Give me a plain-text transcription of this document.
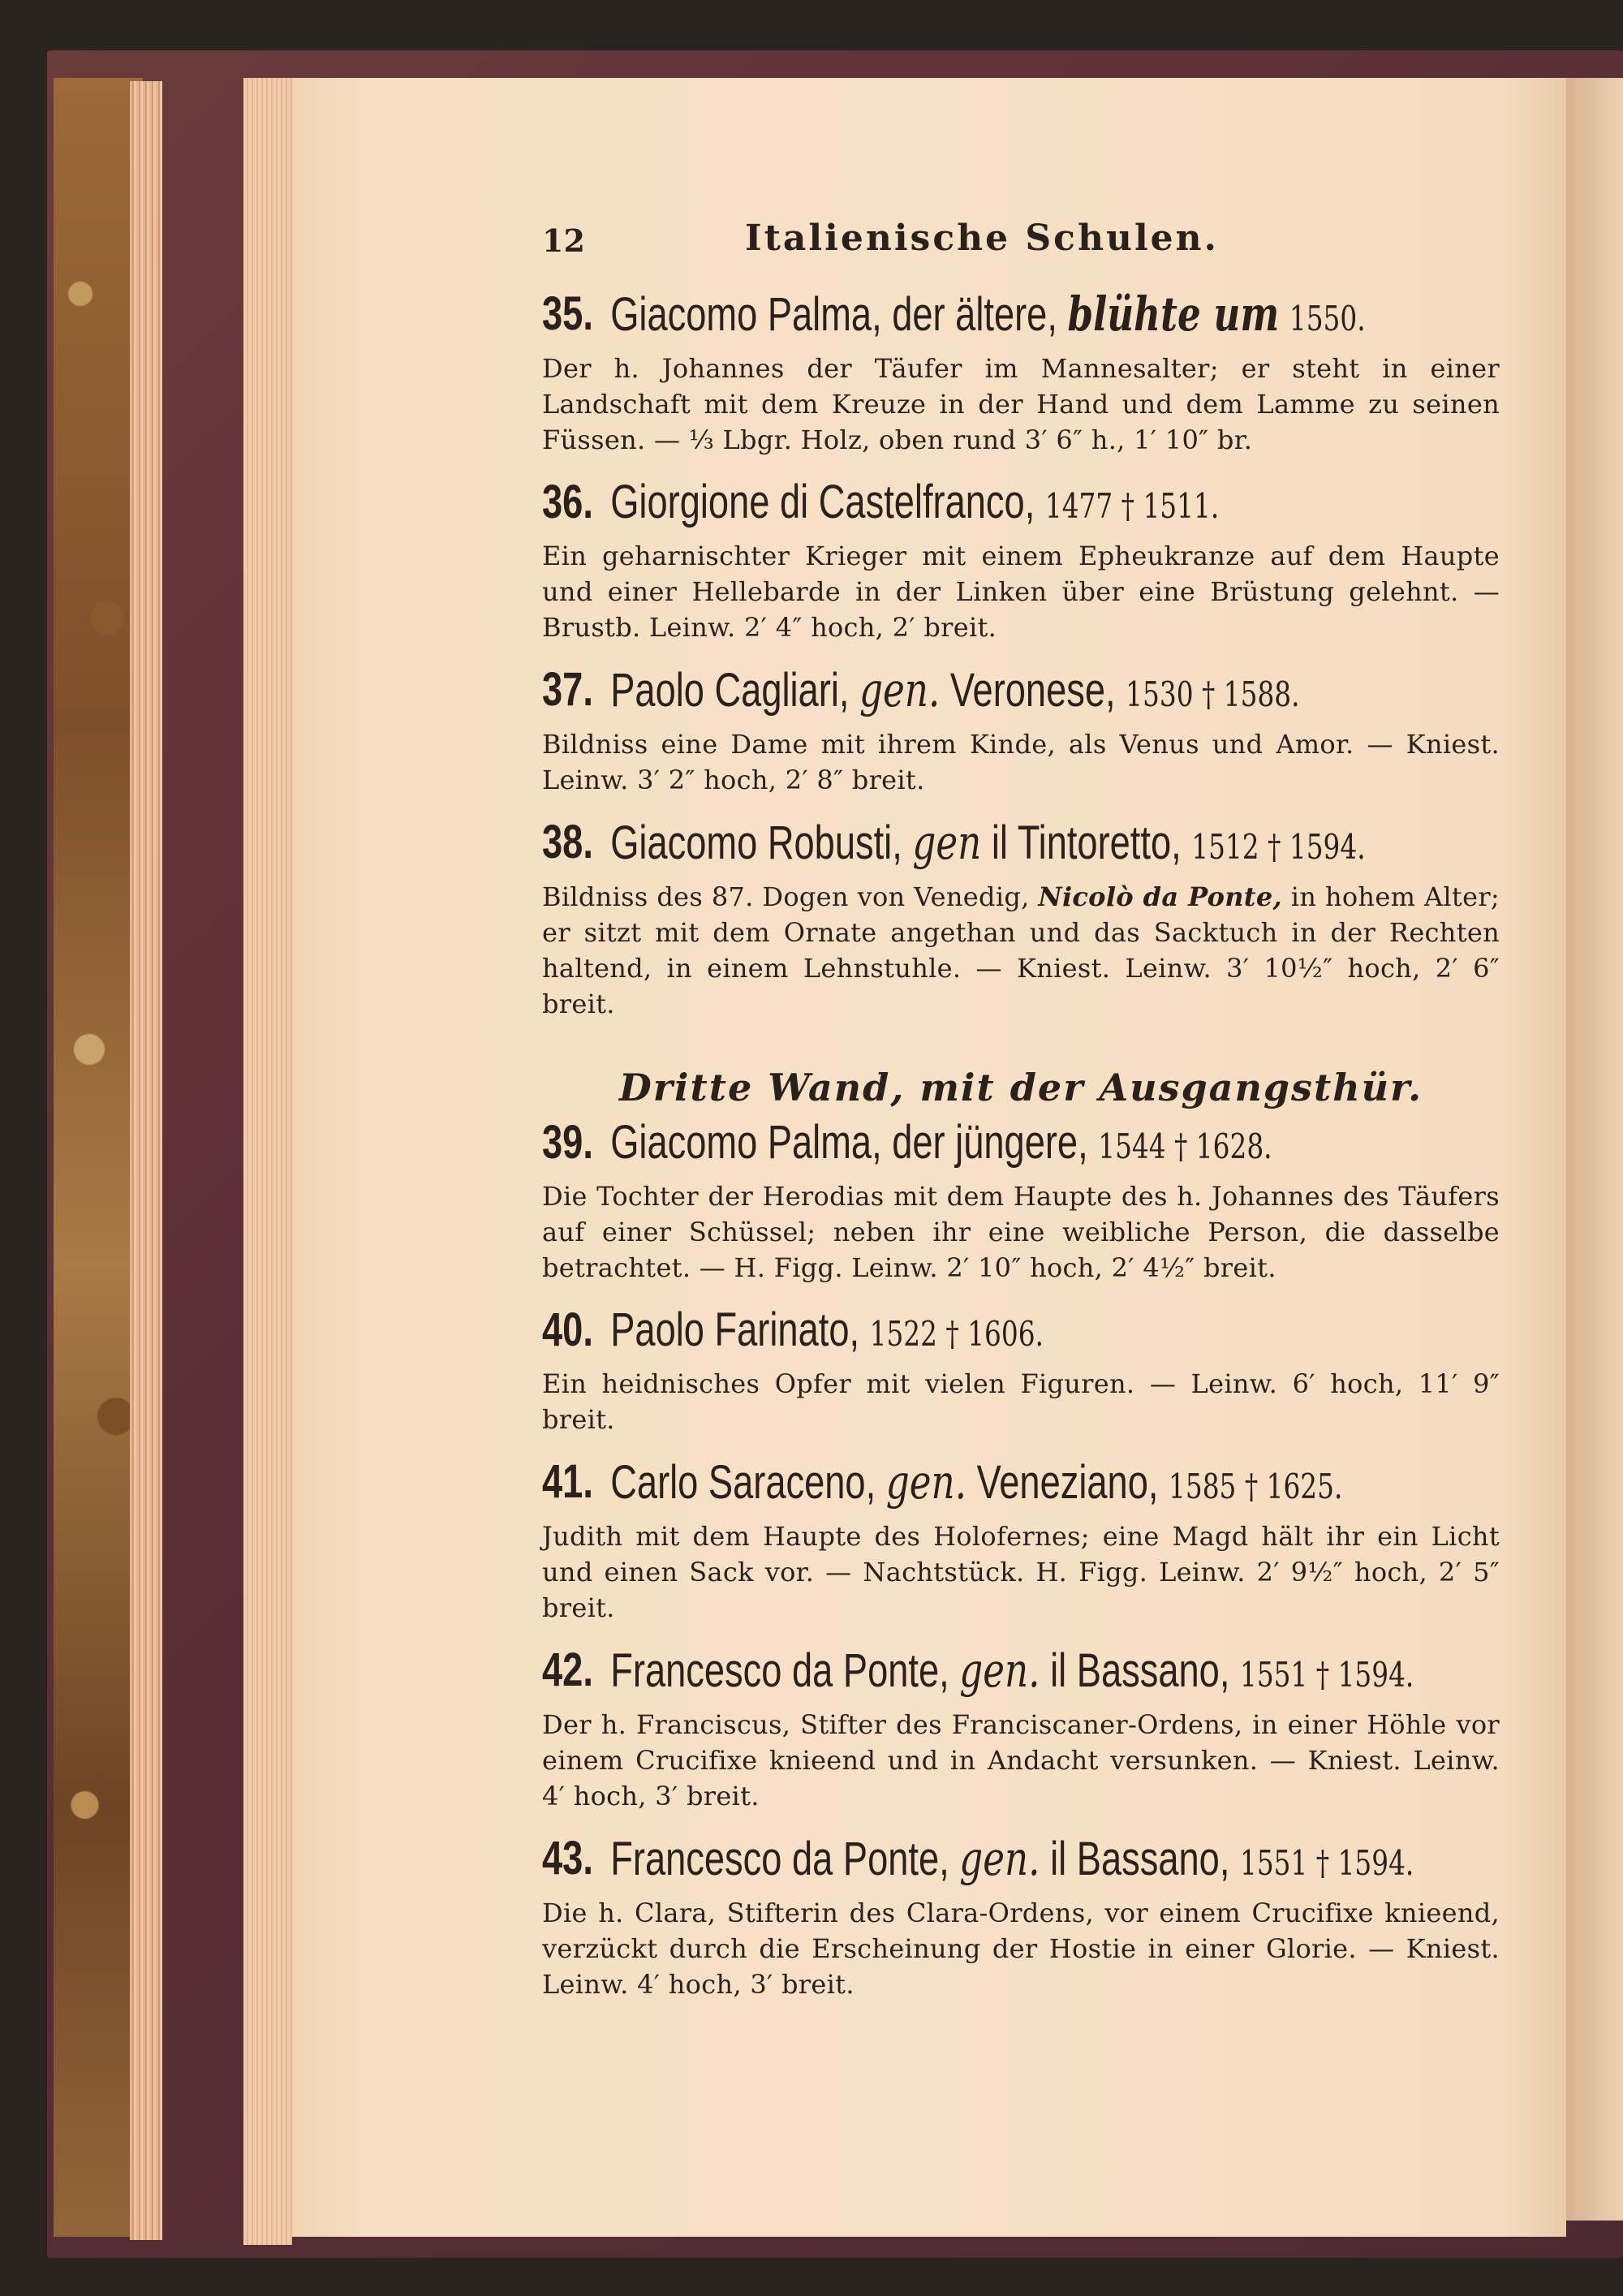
12	Italienische Schulen.
35. Giacomo Palma, der ältere, blühte um 1550.
Der h. Johannes der Täufer im Mannesalter; er steht in einer Landschaft mit dem Kreuze in der Hand und dem Lamme zu seinen Füssen. — ⅓ Lbgr. Holz, oben rund 3′ 6″ h., 1′ 10″ br.
36. Giorgione di Castelfranco, 1477 † 1511.
Ein geharnischter Krieger mit einem Epheukranze auf dem Haupte und einer Hellebarde in der Linken über eine Brüstung gelehnt. — Brustb. Leinw. 2′ 4″ hoch, 2′ breit.
37. Paolo Cagliari, gen. Veronese, 1530 † 1588.
Bildniss eine Dame mit ihrem Kinde, als Venus und Amor. — Kniest. Leinw. 3′ 2″ hoch, 2′ 8″ breit.
38. Giacomo Robusti, gen il Tintoretto, 1512 † 1594.
Bildniss des 87. Dogen von Venedig, Nicolò da Ponte, in hohem Alter; er sitzt mit dem Ornate angethan und das Sacktuch in der Rechten haltend, in einem Lehnstuhle. — Kniest. Leinw. 3′ 10½″ hoch, 2′ 6″ breit.
Dritte Wand, mit der Ausgangsthür.
39. Giacomo Palma, der jüngere, 1544 † 1628.
Die Tochter der Herodias mit dem Haupte des h. Johannes des Täufers auf einer Schüssel; neben ihr eine weibliche Person, die dasselbe betrachtet. — H. Figg. Leinw. 2′ 10″ hoch, 2′ 4½″ breit.
40. Paolo Farinato, 1522 † 1606.
Ein heidnisches Opfer mit vielen Figuren. — Leinw. 6′ hoch, 11′ 9″ breit.
41. Carlo Saraceno, gen. Veneziano, 1585 † 1625.
Judith mit dem Haupte des Holofernes; eine Magd hält ihr ein Licht und einen Sack vor. — Nachtstück. H. Figg. Leinw. 2′ 9½″ hoch, 2′ 5″ breit.
42. Francesco da Ponte, gen. il Bassano, 1551 † 1594.
Der h. Franciscus, Stifter des Franciscaner-Ordens, in einer Höhle vor einem Crucifixe knieend und in Andacht versunken. — Kniest. Leinw. 4′ hoch, 3′ breit.
43. Francesco da Ponte, gen. il Bassano, 1551 † 1594.
Die h. Clara, Stifterin des Clara-Ordens, vor einem Crucifixe knieend, verzückt durch die Erscheinung der Hostie in einer Glorie. — Kniest. Leinw. 4′ hoch, 3′ breit.
